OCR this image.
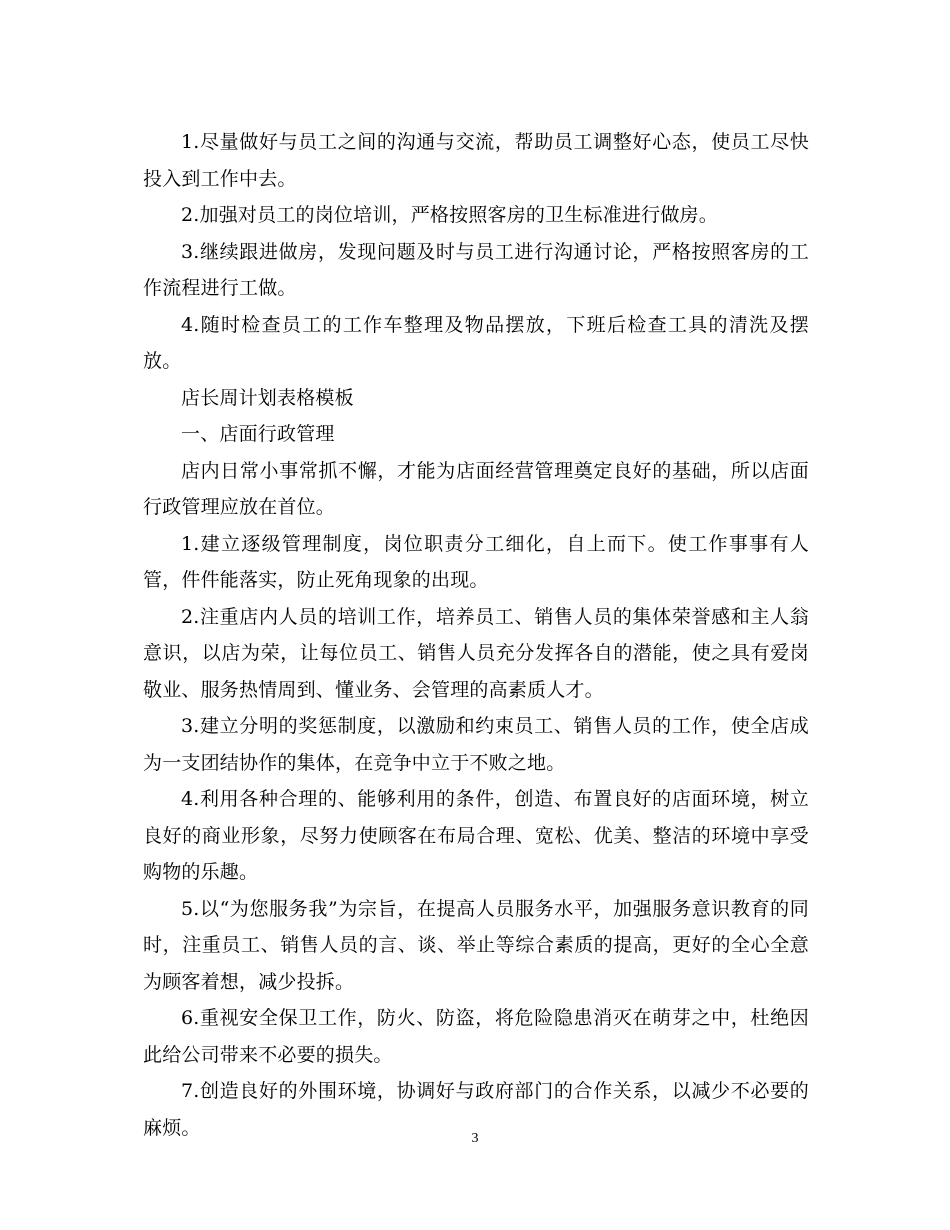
1.尽量做好与员工之间的沟通与交流，帮助员工调整好心态，使员工尽快投入到工作中去。

2.加强对员工的岗位培训，严格按照客房的卫生标准进行做房。

3.继续跟进做房，发现问题及时与员工进行沟通讨论，严格按照客房的工作流程进行工做。

4.随时检查员工的工作车整理及物品摆放，下班后检查工具的清洗及摆放。

店长周计划表格模板

一、店面行政管理

店内日常小事常抓不懈，才能为店面经营管理奠定良好的基础，所以店面行政管理应放在首位。

1.建立逐级管理制度，岗位职责分工细化，自上而下。使工作事事有人管，件件能落实，防止死角现象的出现。

2.注重店内人员的培训工作，培养员工、销售人员的集体荣誉感和主人翁意识，以店为荣，让每位员工、销售人员充分发挥各自的潜能，使之具有爱岗敬业、服务热情周到、懂业务、会管理的高素质人才。

3.建立分明的奖惩制度，以激励和约束员工、销售人员的工作，使全店成为一支团结协作的集体，在竞争中立于不败之地。

4.利用各种合理的、能够利用的条件，创造、布置良好的店面环境，树立良好的商业形象，尽努力使顾客在布局合理、宽松、优美、整洁的环境中享受购物的乐趣。

5.以“为您服务我”为宗旨，在提高人员服务水平，加强服务意识教育的同时，注重员工、销售人员的言、谈、举止等综合素质的提高，更好的全心全意为顾客着想，减少投拆。

6.重视安全保卫工作，防火、防盗，将危险隐患消灭在萌芽之中，杜绝因此给公司带来不必要的损失。

7.创造良好的外围环境，协调好与政府部门的合作关系，以减少不必要的麻烦。	3
